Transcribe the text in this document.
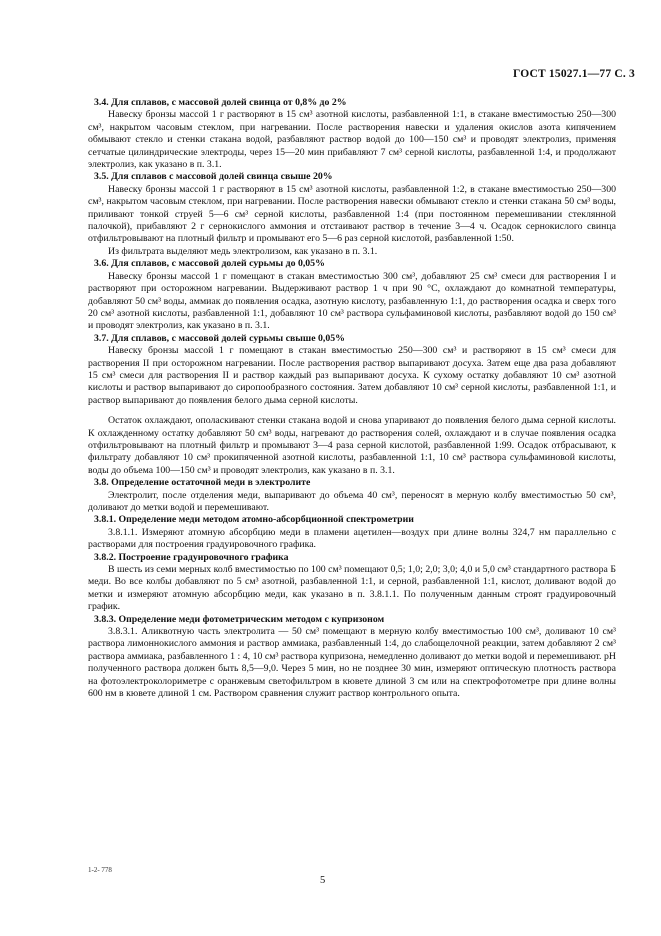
ГОСТ 15027.1—77 С. 3
3.4. Для сплавов, с массовой долей свинца от 0,8% до 2%

Навеску бронзы массой 1 г растворяют в 15 см³ азотной кислоты, разбавленной 1:1, в стакане вместимостью 250—300 см³, накрытом часовым стеклом, при нагревании. После растворения навески и удаления окислов азота кипячением обмывают стекло и стенки стакана водой, разбавляют раствор водой до 100—150 см³ и проводят электролиз, применяя сетчатые цилиндрические электроды, через 15—20 мин прибавляют 7 см³ серной кислоты, разбавленной 1:4, и продолжают электролиз, как указано в п. 3.1.

3.5. Для сплавов с массовой долей свинца свыше 20%

Навеску бронзы массой 1 г растворяют в 15 см³ азотной кислоты, разбавленной 1:2, в стакане вместимостью 250—300 см³, накрытом часовым стеклом, при нагревании. После растворения навески обмывают стекло и стенки стакана 50 см³ воды, приливают тонкой струей 5—6 см³ серной кислоты, разбавленной 1:4 (при постоянном перемешивании стеклянной палочкой), прибавляют 2 г сернокислого аммония и отстаивают раствор в течение 3—4 ч. Осадок сернокислого свинца отфильтровывают на плотный фильтр и промывают его 5—6 раз серной кислотой, разбавленной 1:50.

Из фильтрата выделяют медь электролизом, как указано в п. 3.1.

3.6. Для сплавов, с массовой долей сурьмы до 0,05%

Навеску бронзы массой 1 г помещают в стакан вместимостью 300 см³, добавляют 25 см³ смеси для растворения I и растворяют при осторожном нагревании. Выдерживают раствор 1 ч при 90 °С, охлаждают до комнатной температуры, добавляют 50 см³ воды, аммиак до появления осадка, азотную кислоту, разбавленную 1:1, до растворения осадка и сверх того 20 см³ азотной кислоты, разбавленной 1:1, добавляют 10 см³ раствора сульфаминовой кислоты, разбавляют водой до 150 см³ и проводят электролиз, как указано в п. 3.1.

3.7. Для сплавов, с массовой долей сурьмы свыше 0,05%

Навеску бронзы массой 1 г помещают в стакан вместимостью 250—300 см³ и растворяют в 15 см³ смеси для растворения II при осторожном нагревании. После растворения раствор выпаривают досуха. Затем еще два раза добавляют 15 см³ смеси для растворения II и раствор каждый раз выпаривают досуха. К сухому остатку добавляют 10 см³ азотной кислоты и раствор выпаривают до сиропообразного состояния. Затем добавляют 10 см³ серной кислоты, разбавленной 1:1, и раствор выпаривают до появления белого дыма серной кислоты.

Остаток охлаждают, ополаскивают стенки стакана водой и снова упаривают до появления белого дыма серной кислоты. К охлажденному остатку добавляют 50 см³ воды, нагревают до растворения солей, охлаждают и в случае появления осадка отфильтровывают на плотный фильтр и промывают 3—4 раза серной кислотой, разбавленной 1:99. Осадок отбрасывают, к фильтрату добавляют 10 см³ прокипяченной азотной кислоты, разбавленной 1:1, 10 см³ раствора сульфаминовой кислоты, воды до объема 100—150 см³ и проводят электролиз, как указано в п. 3.1.

3.8. Определение остаточной меди в электролите

Электролит, после отделения меди, выпаривают до объема 40 см³, переносят в мерную колбу вместимостью 50 см³, доливают до метки водой и перемешивают.

3.8.1. Определение меди методом атомно-абсорбционной спектрометрии

3.8.1.1. Измеряют атомную абсорбцию меди в пламени ацетилен—воздух при длине волны 324,7 нм параллельно с растворами для построения градуировочного графика.

3.8.2. Построение градуировочного графика

В шесть из семи мерных колб вместимостью по 100 см³ помещают 0,5; 1,0; 2,0; 3,0; 4,0 и 5,0 см³ стандартного раствора Б меди. Во все колбы добавляют по 5 см³ азотной, разбавленной 1:1, и серной, разбавленной 1:1, кислот, доливают водой до метки и измеряют атомную абсорбцию меди, как указано в п. 3.8.1.1. По полученным данным строят градуировочный график.

3.8.3. Определение меди фотометрическим методом с купризоном

3.8.3.1. Аликвотную часть электролита — 50 см³ помещают в мерную колбу вместимостью 100 см³, доливают 10 см³ раствора лимоннокислого аммония и раствор аммиака, разбавленный 1:4, до слабощелочной реакции, затем добавляют 2 см³ раствора аммиака, разбавленного 1 : 4, 10 см³ раствора купризона, немедленно доливают до метки водой и перемешивают. pH полученного раствора должен быть 8,5—9,0. Через 5 мин, но не позднее 30 мин, измеряют оптическую плотность раствора на фотоэлектроколориметре с оранжевым светофильтром в кювете длиной 3 см или на спектрофотометре при длине волны 600 нм в кювете длиной 1 см. Раствором сравнения служит раствор контрольного опыта.

1-2- 778
5
